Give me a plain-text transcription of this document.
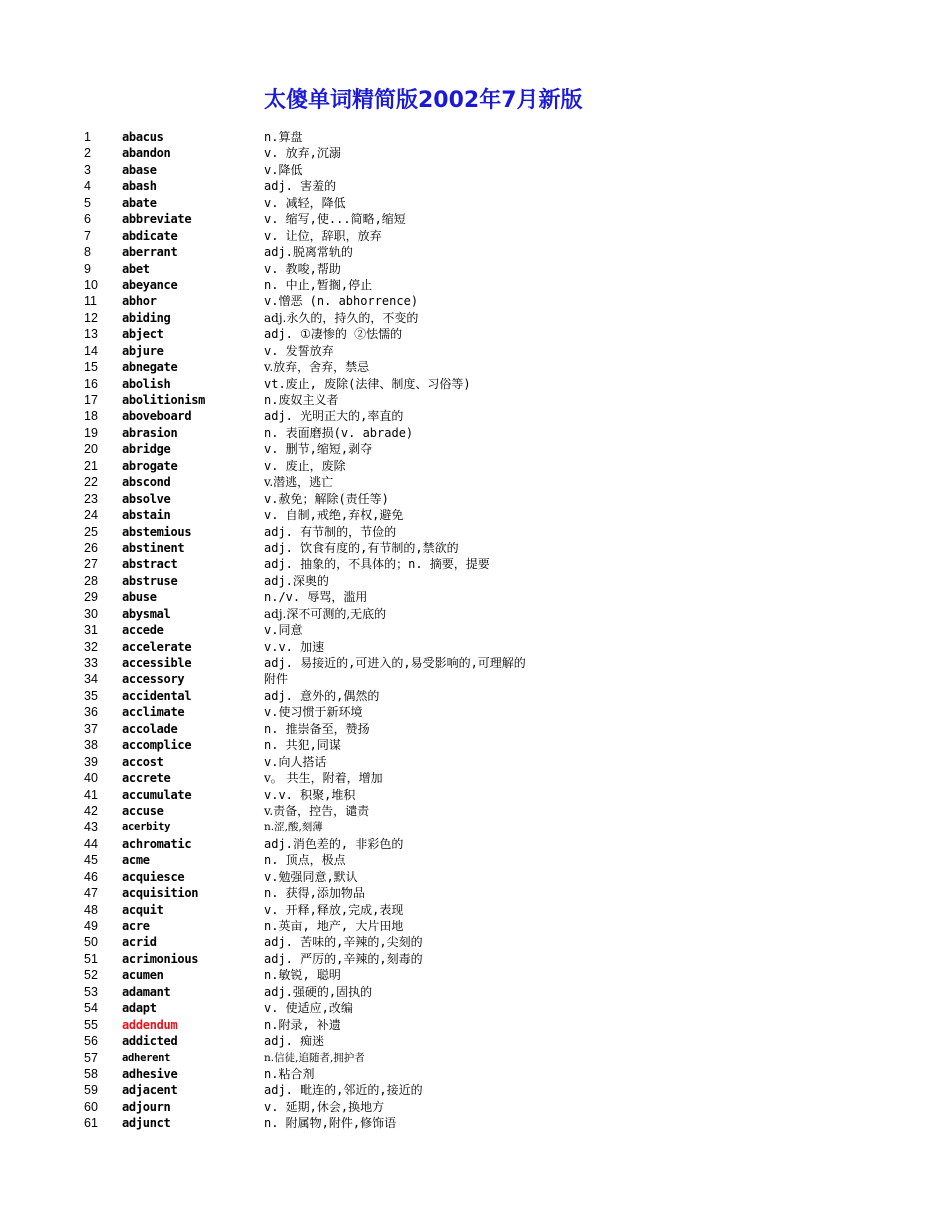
太傻单词精简版2002年7月新版
1	abacus	n.算盘
2	abandon	v. 放弃,沉溺
3	abase	v.降低
4	abash	adj. 害羞的
5	abate	v. 减轻，降低
6	abbreviate	v. 缩写,使...简略,缩短
7	abdicate	v. 让位，辞职，放弃
8	aberrant	adj.脱离常轨的
9	abet	v. 教唆,帮助
10 abeyance	n. 中止,暂搁,停止
11 abhor	v.憎恶 (n. abhorrence)
12 abiding	adj.永久的，持久的，不变的
13 abject	adj. ①凄惨的 ②怯懦的
14 abjure	v. 发誓放弃
15 abnegate	v.放弃，舍弃，禁忌
16 abolish	vt.废止, 废除(法律、制度、习俗等)
17 abolitionism	n.废奴主义者
18 aboveboard	adj. 光明正大的,率直的
19 abrasion	n. 表面磨损(v. abrade)
20 abridge	v. 删节,缩短,剥夺
21 abrogate	v. 废止，废除
22 abscond	v.潜逃，逃亡
23 absolve	v.赦免；解除(责任等)
24 abstain	v. 自制,戒绝,弃权,避免
25 abstemious	adj. 有节制的，节俭的
26 abstinent	adj. 饮食有度的,有节制的,禁欲的
27 abstract	adj. 抽象的，不具体的；n. 摘要，提要
28 abstruse	adj.深奥的
29 abuse	n./v. 辱骂，滥用
30 abysmal	adj.深不可测的,无底的
31 accede	v.同意
32 accelerate	v.v. 加速
33 accessible	adj. 易接近的,可进入的,易受影响的,可理解的
34 accessory	附件
35 accidental	adj. 意外的,偶然的
36 acclimate	v.使习惯于新环境
37 accolade	n. 推崇备至，赞扬
38 accomplice	n. 共犯,同谋
39 accost	v.向人搭话
40 accrete	v。 共生，附着，增加
41 accumulate	v.v. 积聚,堆积
42 accuse	v.责备，控告，谴责
43 acerbity	n.涩,酸,刻薄
44 achromatic	adj.消色差的, 非彩色的
45 acme	n. 顶点，极点
46 acquiesce	v.勉强同意,默认
47 acquisition	n. 获得,添加物品
48 acquit	v. 开释,释放,完成,表现
49 acre	n.英亩, 地产, 大片田地
50 acrid	adj. 苦味的,辛辣的,尖刻的
51 acrimonious	adj. 严厉的,辛辣的,刻毒的
52 acumen	n.敏锐, 聪明
53 adamant	adj.强硬的,固执的
54 adapt	v. 使适应,改编
55 addendum	n.附录, 补遗
56 addicted	adj. 痴迷
57 adherent	n.信徒,追随者,拥护者
58 adhesive	n.粘合剂
59 adjacent	adj. 毗连的,邻近的,接近的
60 adjourn	v. 延期,休会,换地方
61 adjunct	n. 附属物,附件,修饰语
